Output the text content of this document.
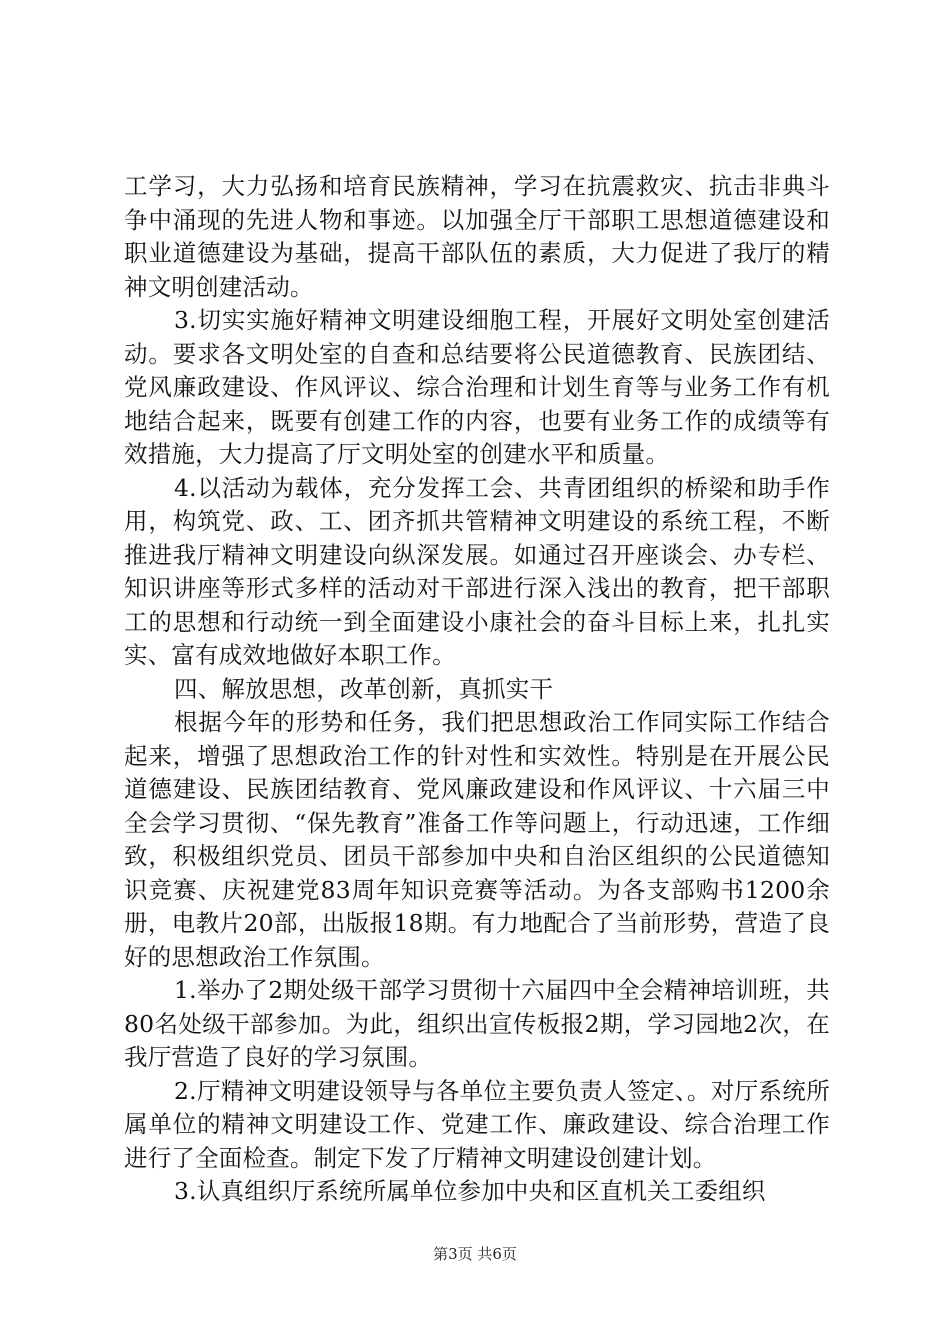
工学习，大力弘扬和培育民族精神，学习在抗震救灾、抗击非典斗争中涌现的先进人物和事迹。以加强全厅干部职工思想道德建设和职业道德建设为基础，提高干部队伍的素质，大力促进了我厅的精神文明创建活动。

3.切实实施好精神文明建设细胞工程，开展好文明处室创建活动。要求各文明处室的自查和总结要将公民道德教育、民族团结、党风廉政建设、作风评议、综合治理和计划生育等与业务工作有机地结合起来，既要有创建工作的内容，也要有业务工作的成绩等有效措施，大力提高了厅文明处室的创建水平和质量。

4.以活动为载体，充分发挥工会、共青团组织的桥梁和助手作用，构筑党、政、工、团齐抓共管精神文明建设的系统工程，不断推进我厅精神文明建设向纵深发展。如通过召开座谈会、办专栏、知识讲座等形式多样的活动对干部进行深入浅出的教育，把干部职工的思想和行动统一到全面建设小康社会的奋斗目标上来，扎扎实实、富有成效地做好本职工作。

四、解放思想，改革创新，真抓实干

根据今年的形势和任务，我们把思想政治工作同实际工作结合起来，增强了思想政治工作的针对性和实效性。特别是在开展公民道德建设、民族团结教育、党风廉政建设和作风评议、十六届三中全会学习贯彻、“保先教育”准备工作等问题上，行动迅速，工作细致，积极组织党员、团员干部参加中央和自治区组织的公民道德知识竞赛、庆祝建党83周年知识竞赛等活动。为各支部购书1200余册，电教片20部，出版报18期。有力地配合了当前形势，营造了良好的思想政治工作氛围。

1.举办了2期处级干部学习贯彻十六届四中全会精神培训班，共80名处级干部参加。为此，组织出宣传板报2期，学习园地2次，在我厅营造了良好的学习氛围。

2.厅精神文明建设领导与各单位主要负责人签定、。对厅系统所属单位的精神文明建设工作、党建工作、廉政建设、综合治理工作进行了全面检查。制定下发了厅精神文明建设创建计划。

3.认真组织厅系统所属单位参加中央和区直机关工委组织

第3页 共6页
